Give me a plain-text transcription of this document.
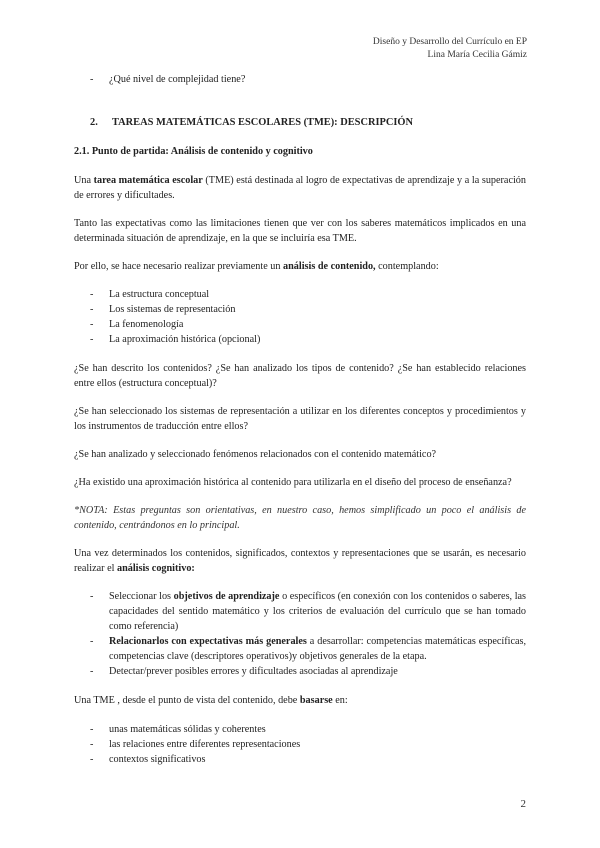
Diseño y Desarrollo del Currículo en EP
Lina María Cecilia Gámiz
- ¿Qué nivel de complejidad tiene?

2. TAREAS MATEMÁTICAS ESCOLARES (TME): DESCRIPCIÓN

2.1. Punto de partida: Análisis de contenido y cognitivo

Una tarea matemática escolar (TME) está destinada al logro de expectativas de aprendizaje y a la superación de errores y dificultades.

Tanto las expectativas como las limitaciones tienen que ver con los saberes matemáticos implicados en una determinada situación de aprendizaje, en la que se incluiría esa TME.

Por ello, se hace necesario realizar previamente un análisis de contenido, contemplando:

- La estructura conceptual
- Los sistemas de representación
- La fenomenología
- La aproximación histórica (opcional)

¿Se han descrito los contenidos? ¿Se han analizado los tipos de contenido? ¿Se han establecido relaciones entre ellos (estructura conceptual)?

¿Se han seleccionado los sistemas de representación a utilizar en los diferentes conceptos y procedimientos y los instrumentos de traducción entre ellos?

¿Se han analizado y seleccionado fenómenos relacionados con el contenido matemático?

¿Ha existido una aproximación histórica al contenido para utilizarla en el diseño del proceso de enseñanza?

*NOTA: Estas preguntas son orientativas, en nuestro caso, hemos simplificado un poco el análisis de contenido, centrándonos en lo principal.

Una vez determinados los contenidos, significados, contextos y representaciones que se usarán, es necesario realizar el análisis cognitivo:

- Seleccionar los objetivos de aprendizaje o específicos (en conexión con los contenidos o saberes, las capacidades del sentido matemático y los criterios de evaluación del currículo que se han tomado como referencia)
- Relacionarlos con expectativas más generales a desarrollar: competencias matemáticas específicas, competencias clave (descriptores operativos)y objetivos generales de la etapa.
- Detectar/prever posibles errores y dificultades asociadas al aprendizaje

Una TME , desde el punto de vista del contenido, debe basarse en:

- unas matemáticas sólidas y coherentes
- las relaciones entre diferentes representaciones
- contextos significativos
2
